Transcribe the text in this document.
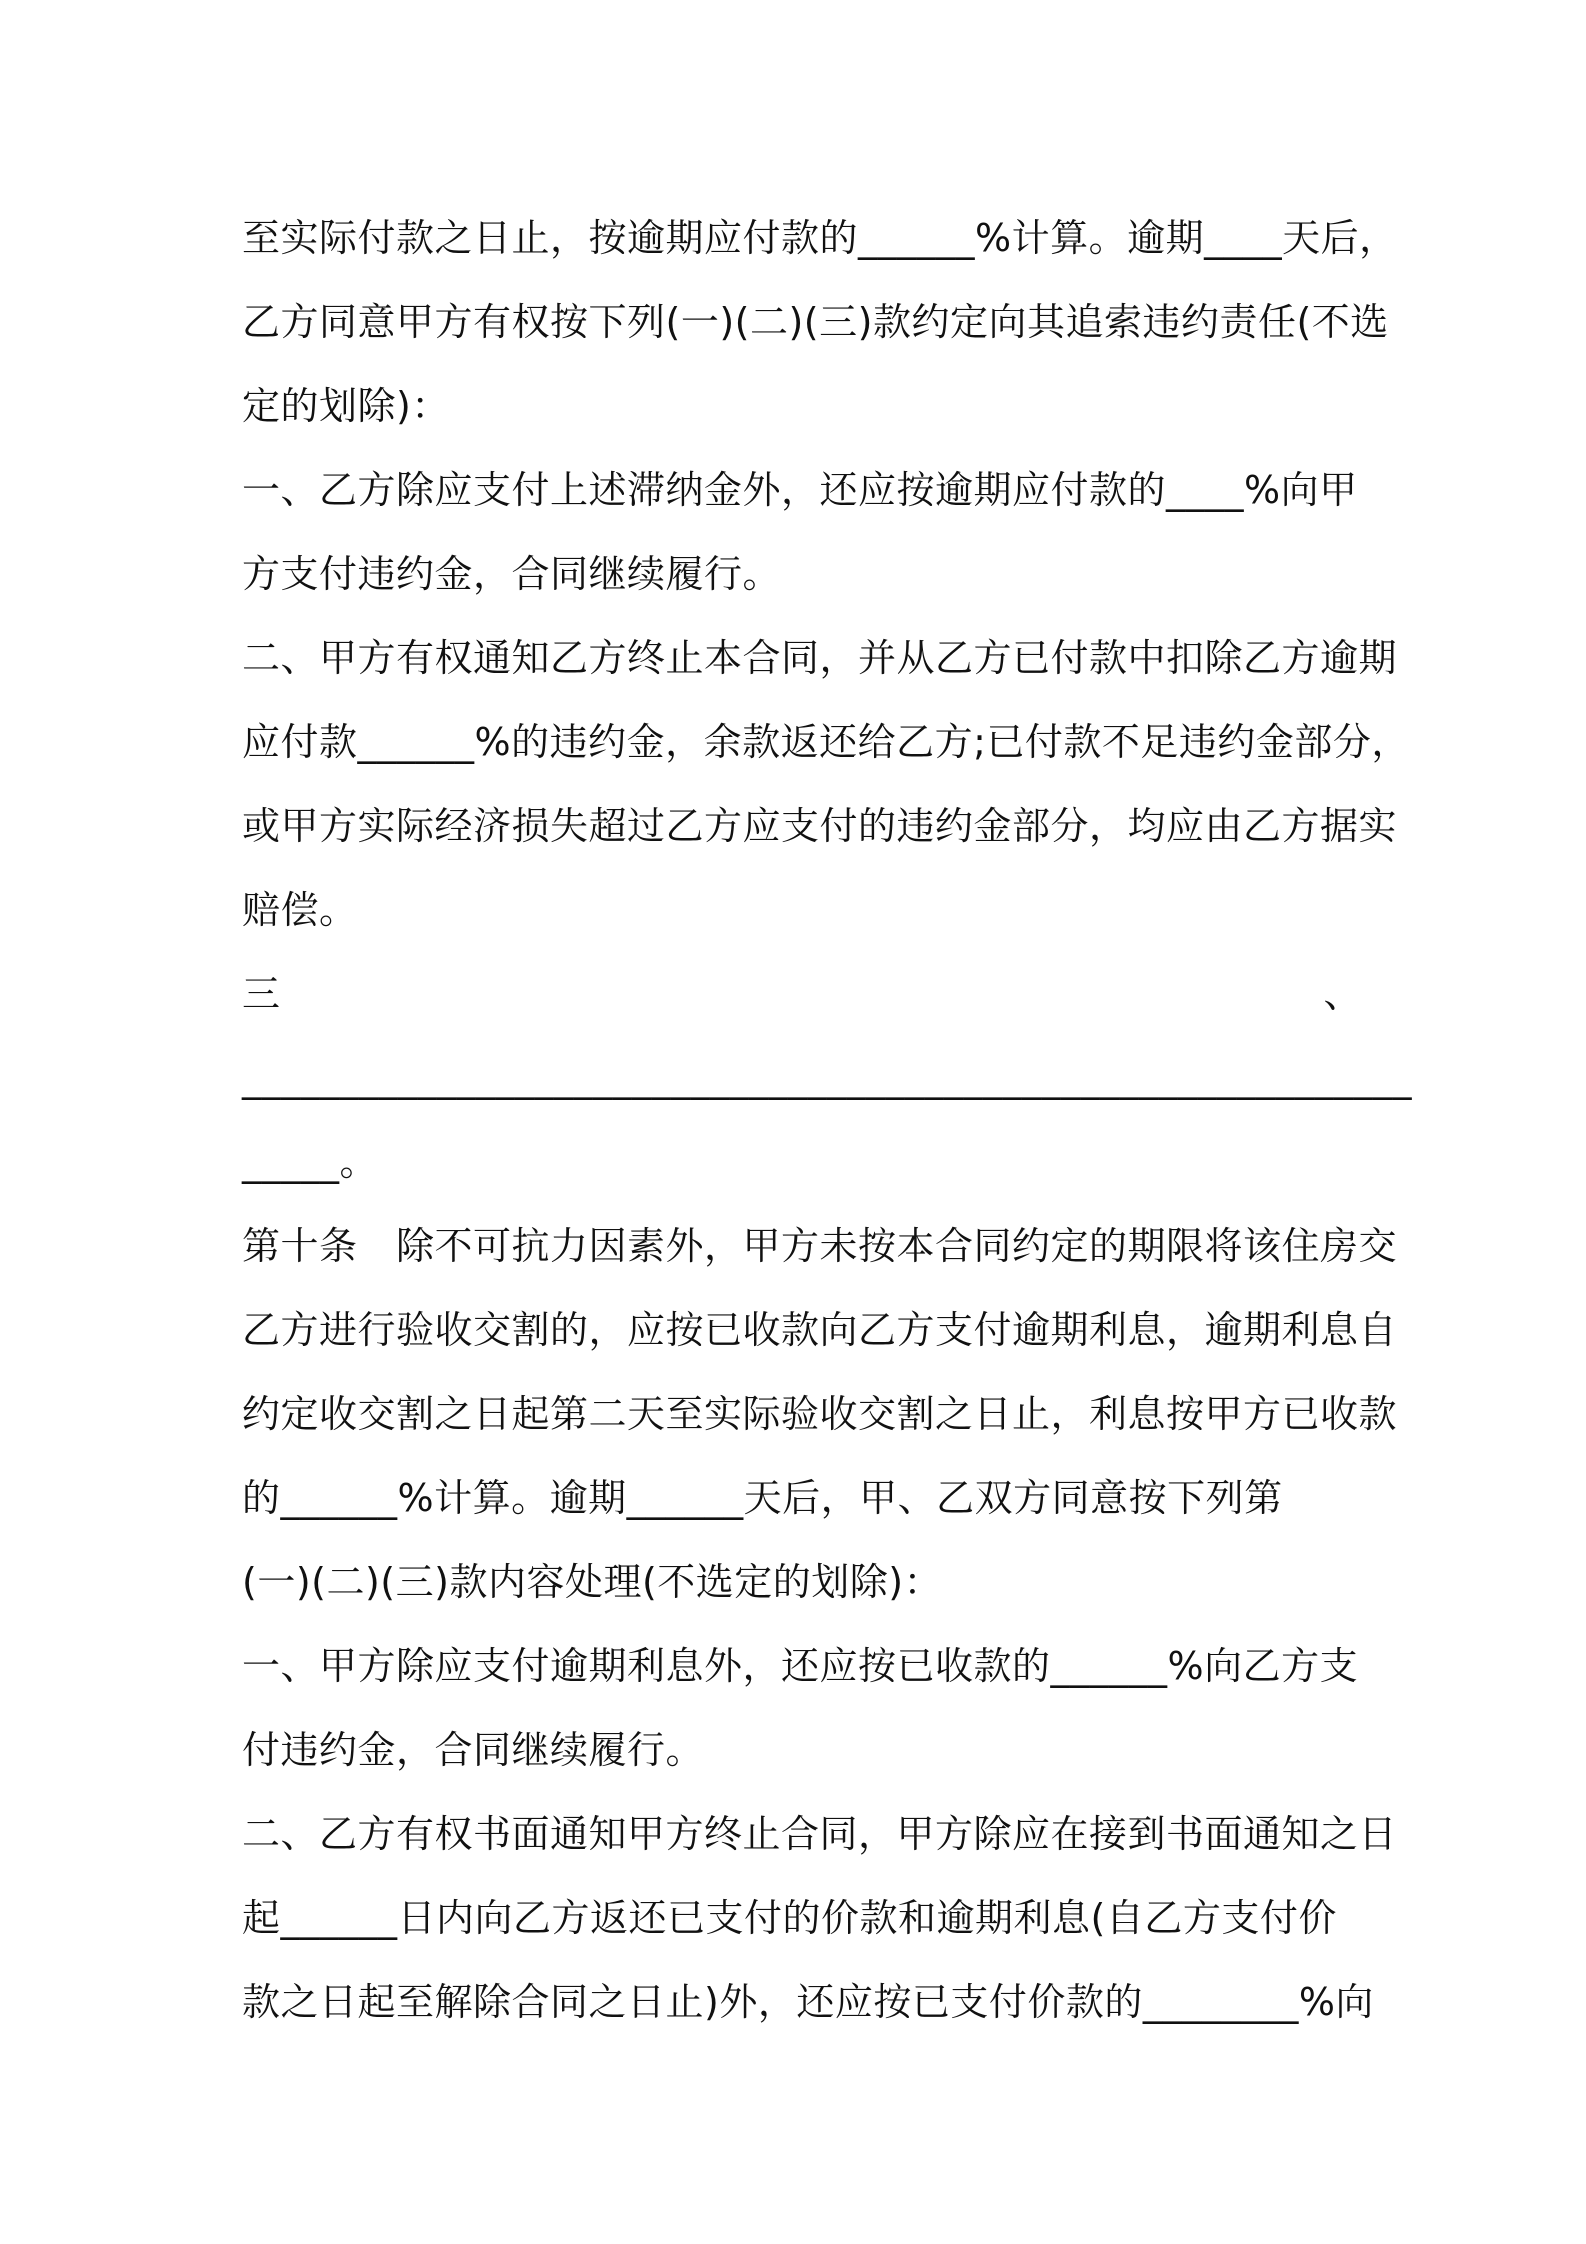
至实际付款之日止，按逾期应付款的______%计算。逾期____天后，
乙方同意甲方有权按下列(一)(二)(三)款约定向其追索违约责任(不选
定的划除)：
一、乙方除应支付上述滞纳金外，还应按逾期应付款的____%向甲
方支付违约金，合同继续履行。
二、甲方有权通知乙方终止本合同，并从乙方已付款中扣除乙方逾期
应付款______%的违约金，余款返还给乙方;已付款不足违约金部分，
或甲方实际经济损失超过乙方应支付的违约金部分，均应由乙方据实
赔偿。
三	、
____________________________________________________________
_____。
第十条　除不可抗力因素外，甲方未按本合同约定的期限将该住房交
乙方进行验收交割的，应按已收款向乙方支付逾期利息，逾期利息自
约定收交割之日起第二天至实际验收交割之日止，利息按甲方已收款
的______%计算。逾期______天后，甲、乙双方同意按下列第
(一)(二)(三)款内容处理(不选定的划除)：
一、甲方除应支付逾期利息外，还应按已收款的______%向乙方支
付违约金，合同继续履行。
二、乙方有权书面通知甲方终止合同，甲方除应在接到书面通知之日
起______日内向乙方返还已支付的价款和逾期利息(自乙方支付价
款之日起至解除合同之日止)外，还应按已支付价款的________%向
